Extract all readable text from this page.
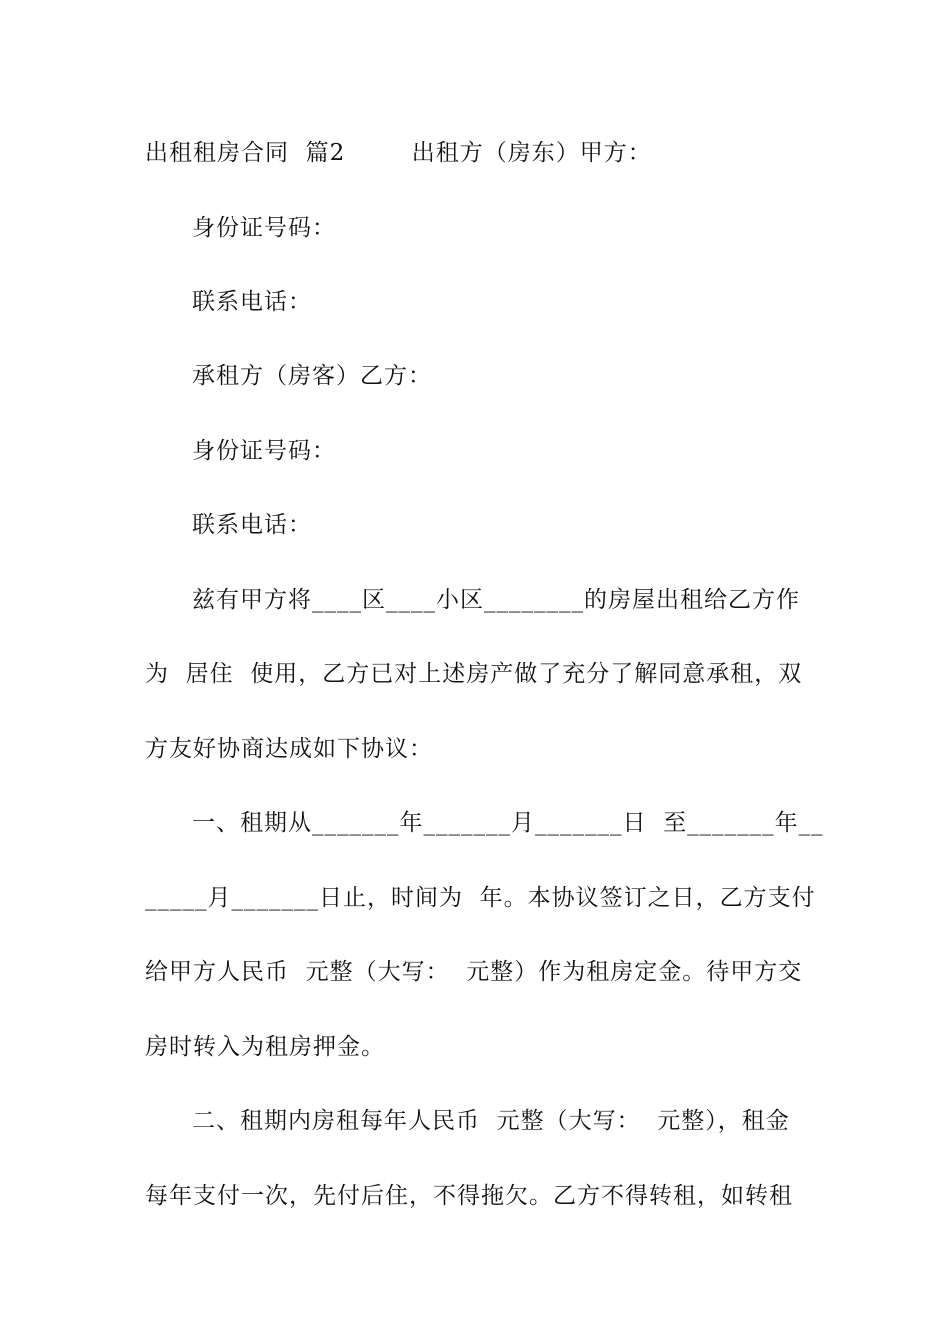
出租租房合同  篇2        出租方（房东）甲方：
身份证号码：
联系电话：
承租方（房客）乙方：
身份证号码：
联系电话：
兹有甲方将____区____小区________的房屋出租给乙方作
为  居住  使用，乙方已对上述房产做了充分了解同意承租，双
方友好协商达成如下协议：
一、租期从_______年_______月_______日  至_______年__
_____月_______日止，时间为  年。本协议签订之日，乙方支付
给甲方人民币  元整（大写：  元整）作为租房定金。待甲方交
房时转入为租房押金。
二、租期内房租每年人民币  元整（大写：  元整），租金
每年支付一次，先付后住，不得拖欠。乙方不得转租，如转租
